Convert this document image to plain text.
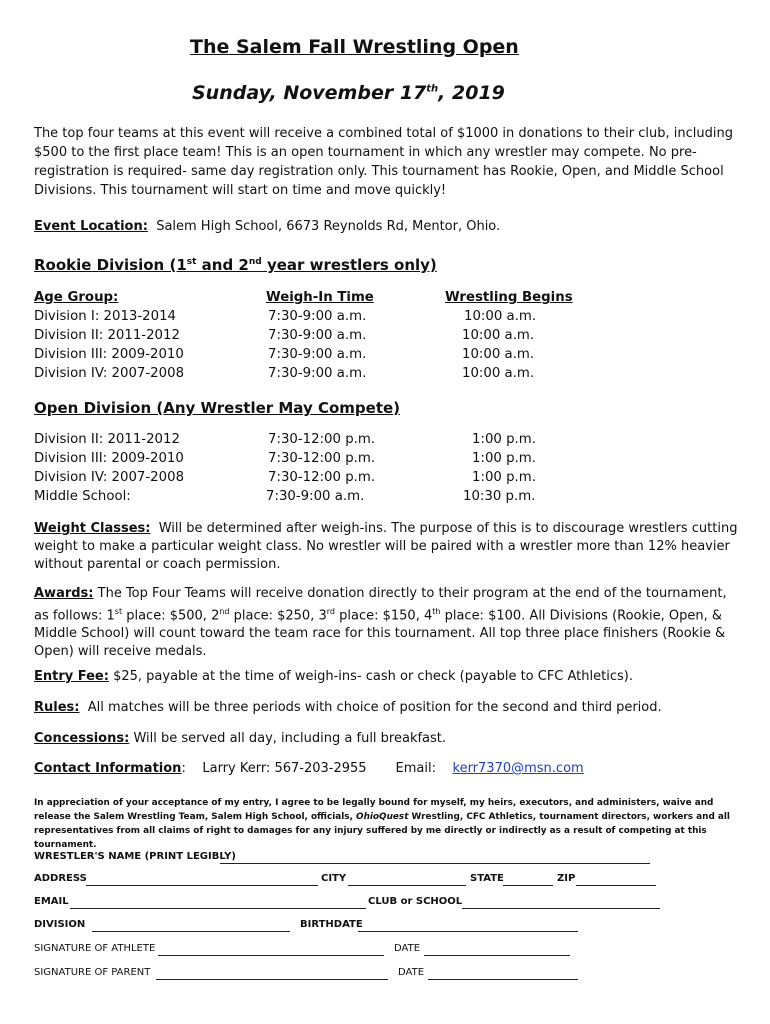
The Salem Fall Wrestling Open
Sunday, November 17th, 2019
The top four teams at this event will receive a combined total of $1000 in donations to their club, including $500 to the first place team! This is an open tournament in which any wrestler may compete. No pre-registration is required- same day registration only. This tournament has Rookie, Open, and Middle School Divisions. This tournament will start on time and move quickly!
Event Location: Salem High School, 6673 Reynolds Rd, Mentor, Ohio.
Rookie Division (1st and 2nd year wrestlers only)
Age Group:	Weigh-In Time	Wrestling Begins
Division I: 2013-2014	7:30-9:00 a.m.	10:00 a.m.
Division II: 2011-2012	7:30-9:00 a.m.	10:00 a.m.
Division III: 2009-2010	7:30-9:00 a.m.	10:00 a.m.
Division IV: 2007-2008	7:30-9:00 a.m.	10:00 a.m.
Open Division (Any Wrestler May Compete)
Division II: 2011-2012	7:30-12:00 p.m.	1:00 p.m.
Division III: 2009-2010	7:30-12:00 p.m.	1:00 p.m.
Division IV: 2007-2008	7:30-12:00 p.m.	1:00 p.m.
Middle School:	7:30-9:00 a.m.	10:30 p.m.
Weight Classes: Will be determined after weigh-ins. The purpose of this is to discourage wrestlers cutting weight to make a particular weight class. No wrestler will be paired with a wrestler more than 12% heavier without parental or coach permission.
Awards: The Top Four Teams will receive donation directly to their program at the end of the tournament, as follows: 1st place: $500, 2nd place: $250, 3rd place: $150, 4th place: $100. All Divisions (Rookie, Open, & Middle School) will count toward the team race for this tournament. All top three place finishers (Rookie & Open) will receive medals.
Entry Fee: $25, payable at the time of weigh-ins- cash or check (payable to CFC Athletics).
Rules: All matches will be three periods with choice of position for the second and third period.
Concessions: Will be served all day, including a full breakfast.
Contact Information: Larry Kerr: 567-203-2955 Email: kerr7370@msn.com
In appreciation of your acceptance of my entry, I agree to be legally bound for myself, my heirs, executors, and administers, waive and release the Salem Wrestling Team, Salem High School, officials, OhioQuest Wrestling, CFC Athletics, tournament directors, workers and all representatives from all claims of right to damages for any injury suffered by me directly or indirectly as a result of competing at this tournament.
WRESTLER'S NAME (PRINT LEGIBLY)
ADDRESS	CITY	STATE	ZIP
EMAIL	CLUB or SCHOOL
DIVISION	BIRTHDATE
SIGNATURE OF ATHLETE	DATE
SIGNATURE OF PARENT	DATE
